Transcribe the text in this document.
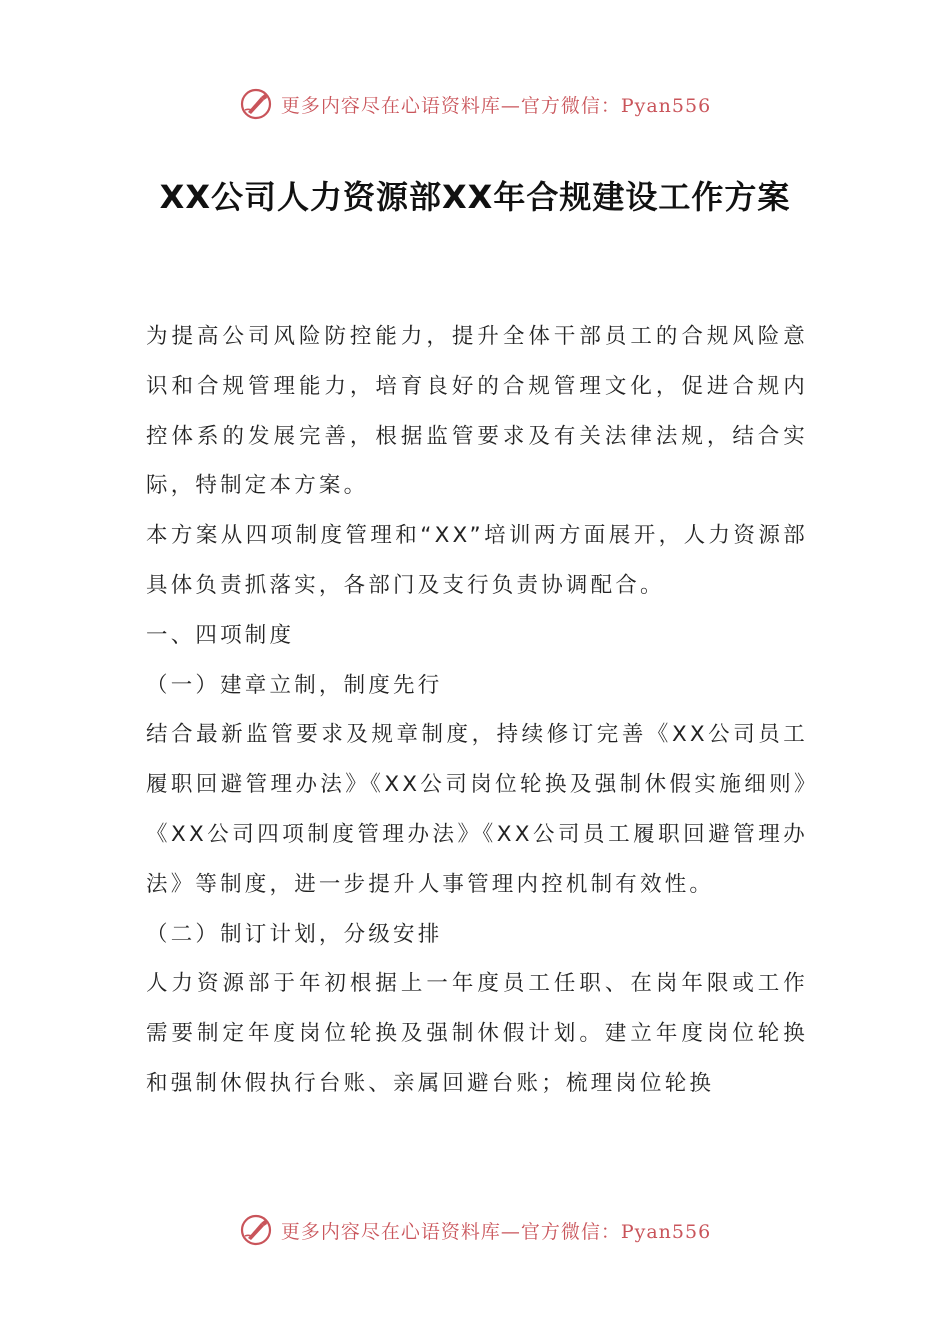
更多内容尽在心语资料库—官方微信：Pyan556
XX公司人力资源部XX年合规建设工作方案

为提高公司风险防控能力，提升全体干部员工的合规风险意识和合规管理能力，培育良好的合规管理文化，促进合规内控体系的发展完善，根据监管要求及有关法律法规，结合实际，特制定本方案。

本方案从四项制度管理和“XX”培训两方面展开，人力资源部具体负责抓落实，各部门及支行负责协调配合。

一、四项制度

（一）建章立制，制度先行

结合最新监管要求及规章制度，持续修订完善《XX公司员工履职回避管理办法》《XX公司岗位轮换及强制休假实施细则》《XX公司四项制度管理办法》《XX公司员工履职回避管理办法》等制度，进一步提升人事管理内控机制有效性。

（二）制订计划，分级安排

人力资源部于年初根据上一年度员工任职、在岗年限或工作需要制定年度岗位轮换及强制休假计划。建立年度岗位轮换和强制休假执行台账、亲属回避台账；梳理岗位轮换

更多内容尽在心语资料库—官方微信：Pyan556
